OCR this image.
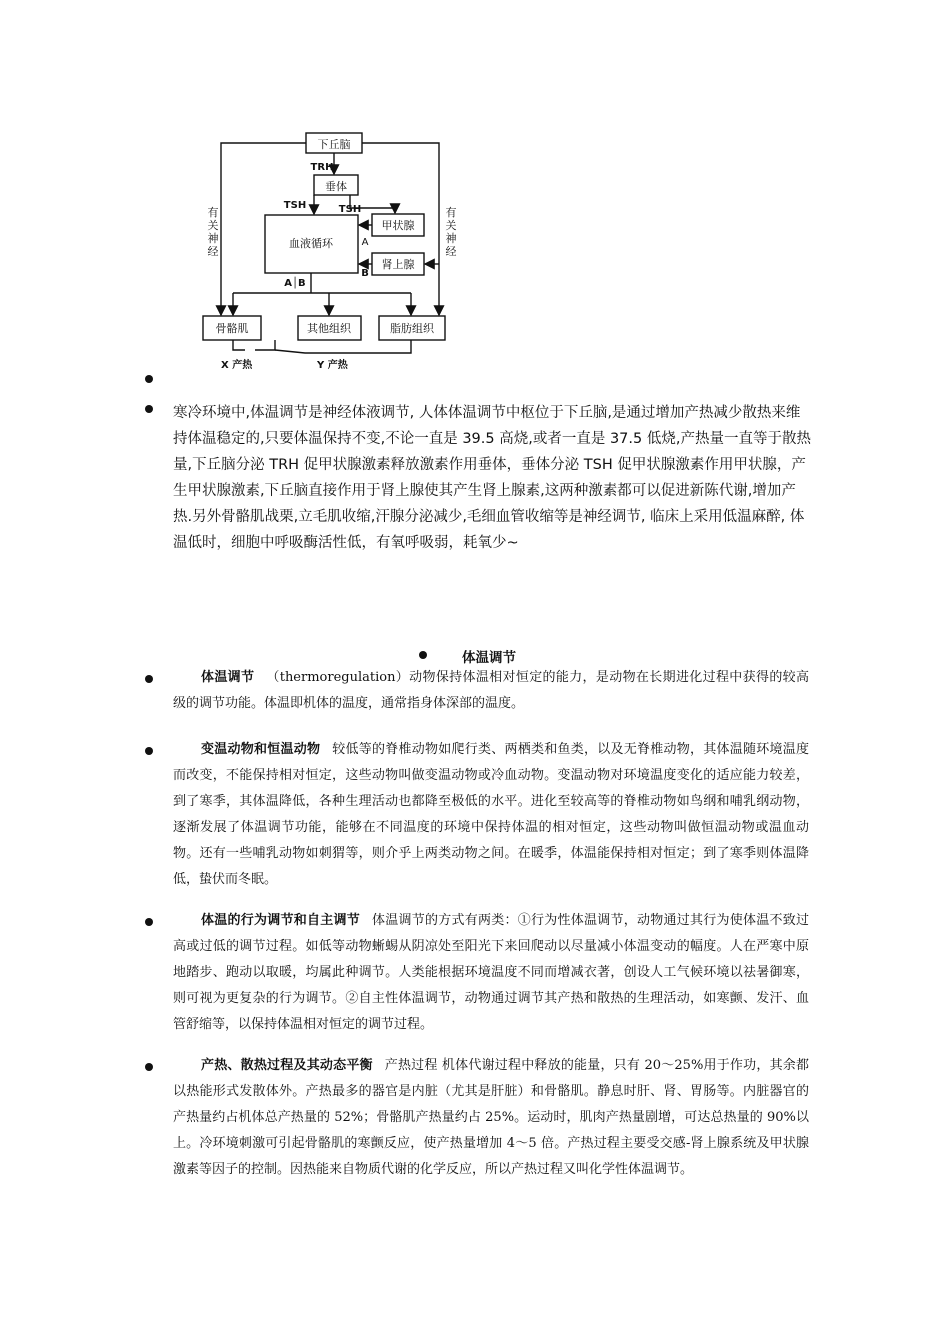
下丘脑
TRH
垂体
TSH	TSH
血液循环
甲状腺
A
肾上腺
B
A│B
骨骼肌	其他组织	脂肪组织
有关神经
有关神经
X 产热	Y 产热
寒冷环境中,体温调节是神经体液调节, 人体体温调节中枢位于下丘脑,是通过增加产热减少散热来维持体温稳定的,只要体温保持不变,不论一直是 39.5 高烧,或者一直是 37.5 低烧,产热量一直等于散热量,下丘脑分泌 TRH 促甲状腺激素释放激素作用垂体，垂体分泌 TSH 促甲状腺激素作用甲状腺，产生甲状腺激素,下丘脑直接作用于肾上腺使其产生肾上腺素,这两种激素都可以促进新陈代谢,增加产热.另外骨骼肌战栗,立毛肌收缩,汗腺分泌减少,毛细血管收缩等是神经调节, 临床上采用低温麻醉, 体温低时，细胞中呼吸酶活性低，有氧呼吸弱，耗氧少~
体温调节
体温调节 （thermoregulation）动物保持体温相对恒定的能力，是动物在长期进化过程中获得的较高级的调节功能。体温即机体的温度，通常指身体深部的温度。
变温动物和恒温动物 较低等的脊椎动物如爬行类、两栖类和鱼类，以及无脊椎动物，其体温随环境温度而改变，不能保持相对恒定，这些动物叫做变温动物或冷血动物。变温动物对环境温度变化的适应能力较差，到了寒季，其体温降低，各种生理活动也都降至极低的水平。进化至较高等的脊椎动物如鸟纲和哺乳纲动物，逐渐发展了体温调节功能，能够在不同温度的环境中保持体温的相对恒定，这些动物叫做恒温动物或温血动物。还有一些哺乳动物如刺猬等，则介乎上两类动物之间。在暖季，体温能保持相对恒定；到了寒季则体温降低，蛰伏而冬眠。
体温的行为调节和自主调节 体温调节的方式有两类：①行为性体温调节，动物通过其行为使体温不致过高或过低的调节过程。如低等动物蜥蜴从阴凉处至阳光下来回爬动以尽量减小体温变动的幅度。人在严寒中原地踏步、跑动以取暖，均属此种调节。人类能根据环境温度不同而增减衣著，创设人工气候环境以祛暑御寒，则可视为更复杂的行为调节。②自主性体温调节，动物通过调节其产热和散热的生理活动，如寒颤、发汗、血管舒缩等，以保持体温相对恒定的调节过程。
产热、散热过程及其动态平衡 产热过程 机体代谢过程中释放的能量，只有 20～25%用于作功，其余都以热能形式发散体外。产热最多的器官是内脏（尤其是肝脏）和骨骼肌。静息时肝、肾、胃肠等。内脏器官的产热量约占机体总产热量的 52%；骨骼肌产热量约占 25%。运动时，肌肉产热量剧增，可达总热量的 90%以上。冷环境刺激可引起骨骼肌的寒颤反应，使产热量增加 4～5 倍。产热过程主要受交感-肾上腺系统及甲状腺激素等因子的控制。因热能来自物质代谢的化学反应，所以产热过程又叫化学性体温调节。
